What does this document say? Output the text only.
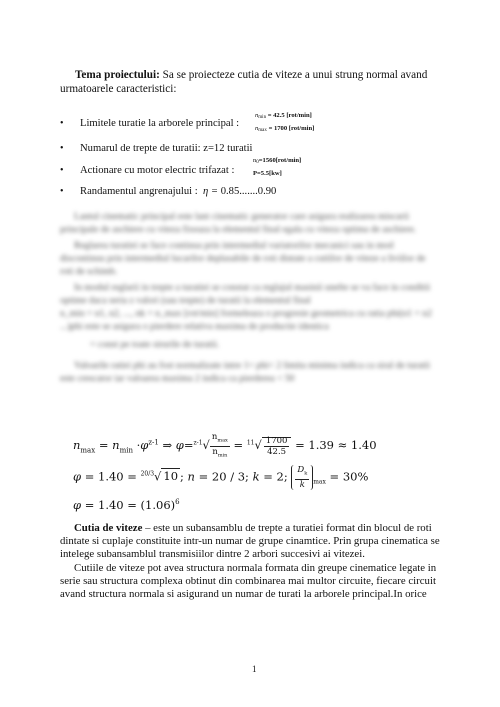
Tema proiectului: Sa se proiecteze cutia de viteze a unui strung normal avand
urmatoarele caracteristici:
• Limitele turatie la arborele principal :
$n_{min} = 42.5$ [rot/min]
$n_{max} = 1700$ [rot/min]
• Numarul de trepte de turatii: z=12 turatii
• Actionare cu motor electric trifazat :
$n_0=1560[rot/\min]$
P=5.5[kw]
• Randamentul angrenajului :  η = 0.85.......0.90

Lantul cinematic principal este lant cinematic generator care asigura realizarea miscarii principale de aschiere cu viteza fixeaza la elementul final egala cu viteza optima de aschiere.

Reglarea turatiei se face continua prin intermediul variatorilor mecanici sau in mod discontinuu prin intermediul lucarilor deplasabile de roti dintate a cutiilor de viteze a liviilor de roti de schimb.

In modul reglarii in trepte a turatiei se constat ca reglajul masinii unelte se va face in conditii optime daca seria z valori (sau trepte) de turatii la elementul final

n_min = n1, n2, ..., nk = n_max [rot/min] formeleaza o progresie geometrica cu ratia phi(n1 = n2 ...)phi este se asigura o pierdere relativa maxima de productie identica

= const pe toate sirurile de turatii.

Valoarile ratiei phi au fost normalizate intre 1< phi< 2 limita minima indica ca siral de turatii este crescator iar valoarea maxima 2 indica ca pierderea < 50

$n_{max} = n_{min} \cdot\varphi^{z-1}$ ⇒ φ=$^{z-1}$√
$n_{max}$
$n_{min}$
= $^{11}√ \frac{1700}{42.5} = 1.39 \approx 1.40$
φ = 1.40 = $^{20/3}$√ 10 ; n = 20 / 3; k = 2; $\frac{D_k}{k} _{max} = 30\%$
$\varphi = 1.40 = (1.06)^6$
Cutia de viteze – este un subansamblu de trepte a turatiei format din blocul de roti dintate si cuplaje constituite intr-un numar de grupe cinamtice. Prin grupa cinematica se intelege subansamblul transmisiilor dintre 2 arbori succesivi ai vitezei.
Cutiile de viteze pot avea structura normala formata din greupe cinematice legate in serie sau structura complexa obtinut din combinarea mai multor circuite, fiecare circuit avand structura normala si asigurand un numar de turati la arborele principal.In orice
1
